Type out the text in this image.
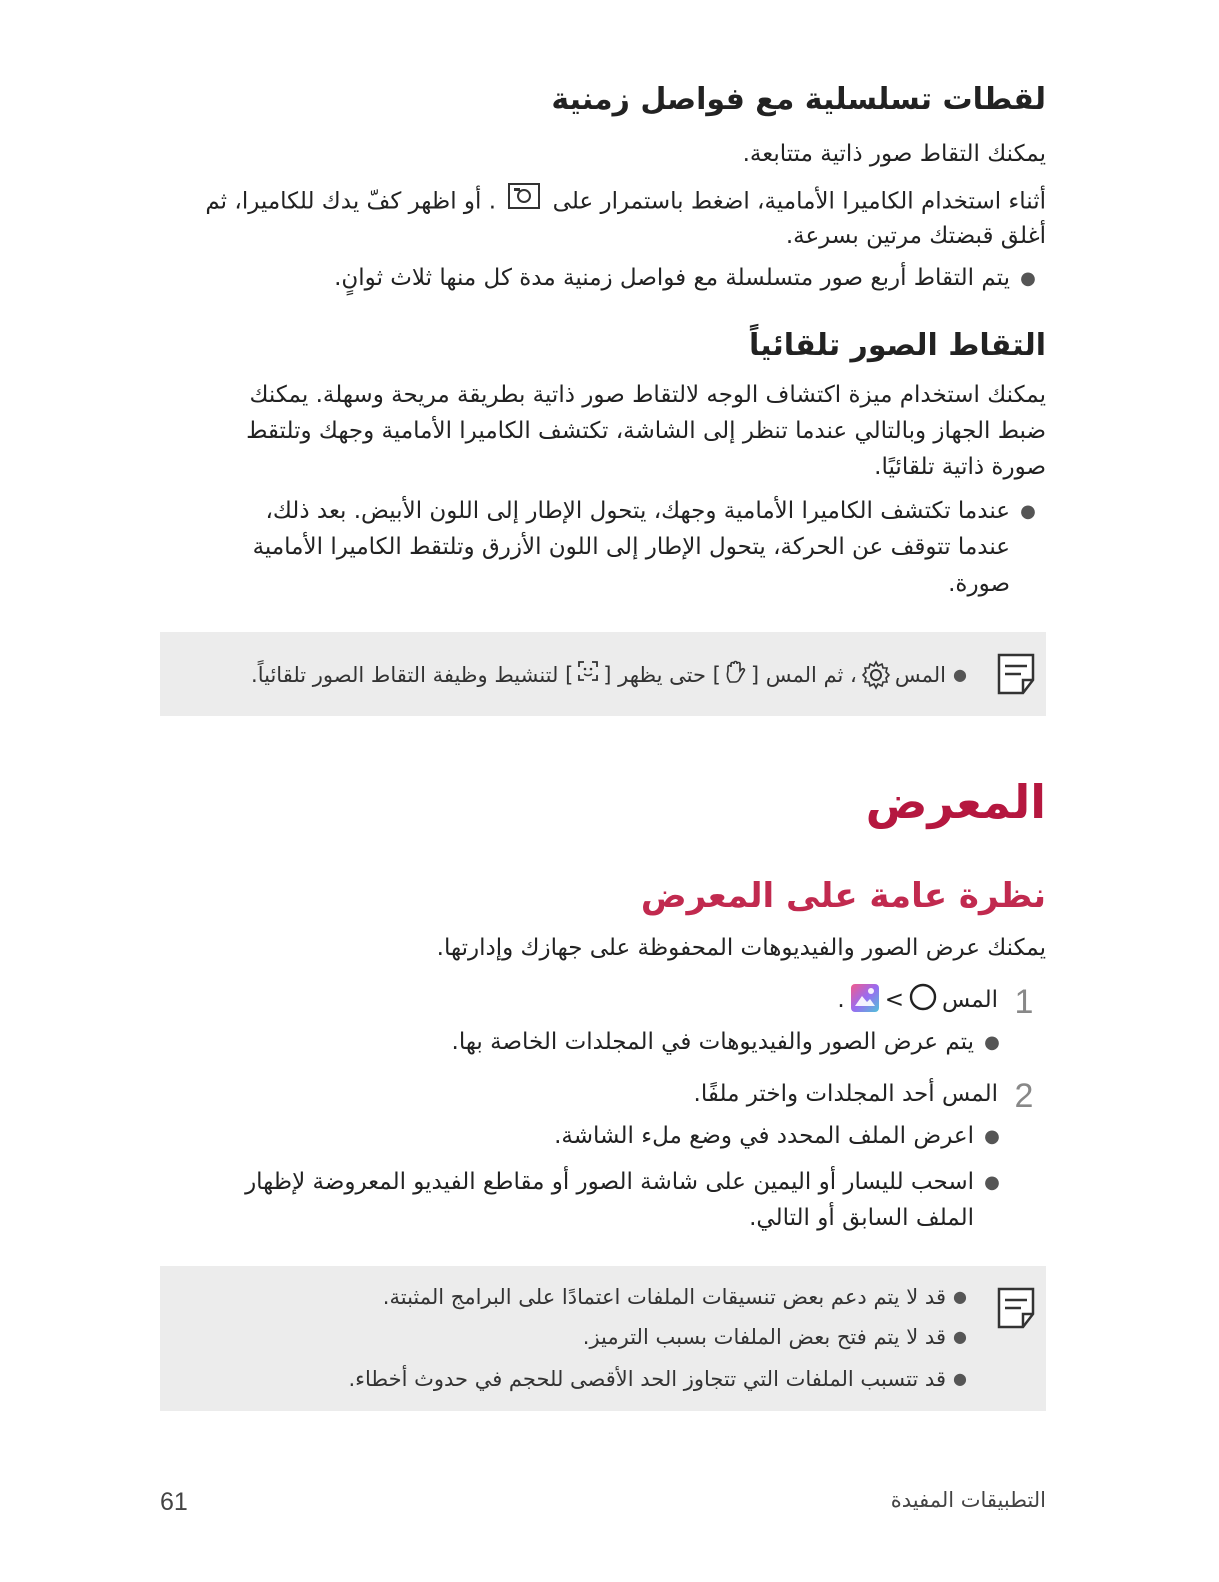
لقطات تسلسلية مع فواصل زمنية
يمكنك التقاط صور ذاتية متتابعة.
أثناء استخدام الكاميرا الأمامية، اضغط باستمرار على  . أو اظهر كفّ يدك للكاميرا، ثم
أغلق قبضتك مرتين بسرعة.
●
يتم التقاط أربع صور متسلسلة مع فواصل زمنية مدة كل منها ثلاث ثوانٍ.
التقاط الصور تلقائياً
يمكنك استخدام ميزة اكتشاف الوجه لالتقاط صور ذاتية بطريقة مريحة وسهلة. يمكنك
ضبط الجهاز وبالتالي عندما تنظر إلى الشاشة، تكتشف الكاميرا الأمامية وجهك وتلتقط
صورة ذاتية تلقائيًا.
●
عندما تكتشف الكاميرا الأمامية وجهك، يتحول الإطار إلى اللون الأبيض. بعد ذلك،
عندما تتوقف عن الحركة، يتحول الإطار إلى اللون الأزرق وتلتقط الكاميرا الأمامية
صورة.
●
المس
، ثم المس [
] حتى يظهر [
] لتنشيط وظيفة التقاط الصور تلقائياً.
المعرض
نظرة عامة على المعرض
يمكنك عرض الصور والفيديوهات المحفوظة على جهازك وإدارتها.
1
المس
>
.
●
يتم عرض الصور والفيديوهات في المجلدات الخاصة بها.
2
المس أحد المجلدات واختر ملفًا.
●
اعرض الملف المحدد في وضع ملء الشاشة.
●
اسحب لليسار أو اليمين على شاشة الصور أو مقاطع الفيديو المعروضة لإظهار
الملف السابق أو التالي.
●
قد لا يتم دعم بعض تنسيقات الملفات اعتمادًا على البرامج المثبتة.
●
قد لا يتم فتح بعض الملفات بسبب الترميز.
●
قد تتسبب الملفات التي تتجاوز الحد الأقصى للحجم في حدوث أخطاء.
61	التطبيقات المفيدة
